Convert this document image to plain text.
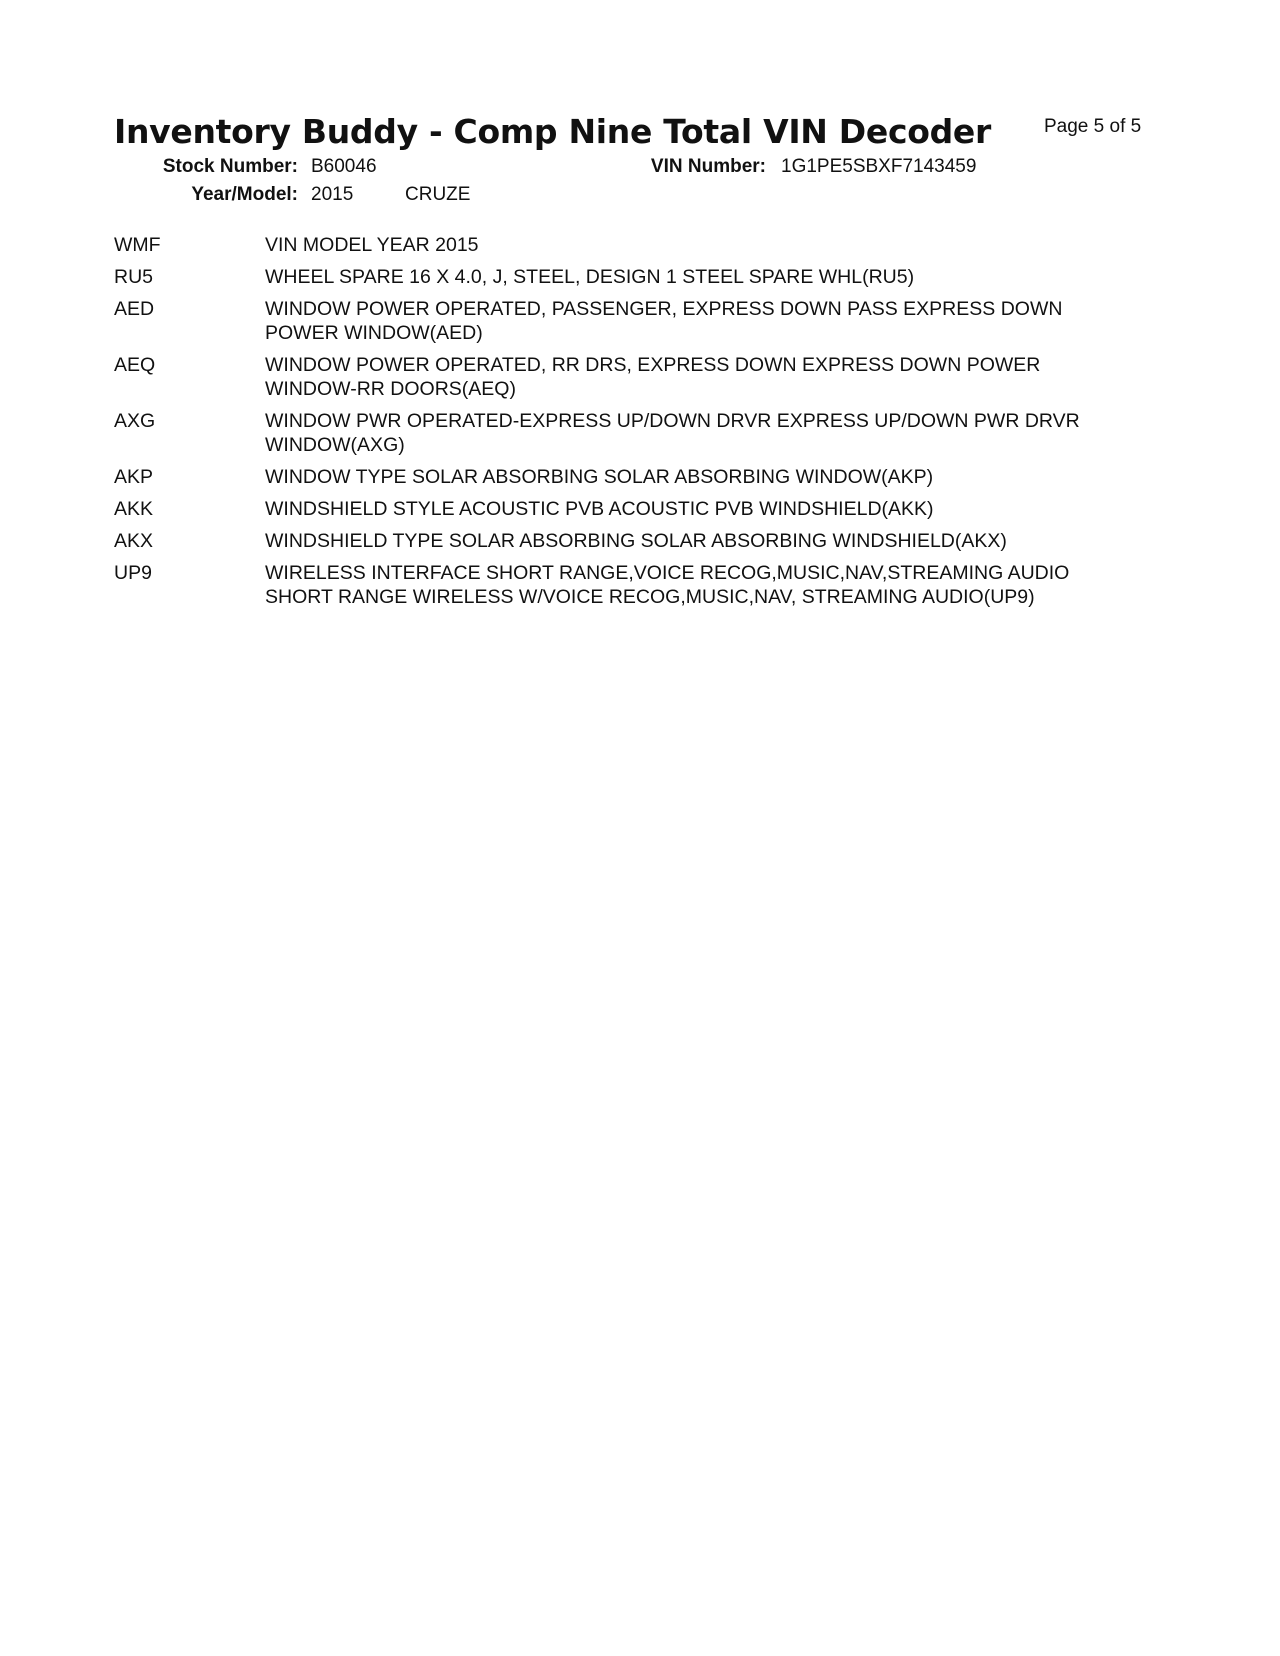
Inventory Buddy - Comp Nine Total VIN Decoder	Page 5 of 5
Stock Number: B60046	VIN Number: 1G1PE5SBXF7143459
Year/Model: 2015	CRUZE
WMF	VIN MODEL YEAR 2015
RU5	WHEEL SPARE 16 X 4.0, J, STEEL, DESIGN 1 STEEL SPARE WHL(RU5)
AED	WINDOW POWER OPERATED, PASSENGER, EXPRESS DOWN PASS EXPRESS DOWN
POWER WINDOW(AED)
AEQ	WINDOW POWER OPERATED, RR DRS, EXPRESS DOWN EXPRESS DOWN POWER
WINDOW-RR DOORS(AEQ)
AXG	WINDOW PWR OPERATED-EXPRESS UP/DOWN DRVR EXPRESS UP/DOWN PWR DRVR
WINDOW(AXG)
AKP	WINDOW TYPE SOLAR ABSORBING SOLAR ABSORBING WINDOW(AKP)
AKK	WINDSHIELD STYLE ACOUSTIC PVB ACOUSTIC PVB WINDSHIELD(AKK)
AKX	WINDSHIELD TYPE SOLAR ABSORBING SOLAR ABSORBING WINDSHIELD(AKX)
UP9	WIRELESS INTERFACE SHORT RANGE,VOICE RECOG,MUSIC,NAV,STREAMING AUDIO
SHORT RANGE WIRELESS W/VOICE RECOG,MUSIC,NAV, STREAMING AUDIO(UP9)
